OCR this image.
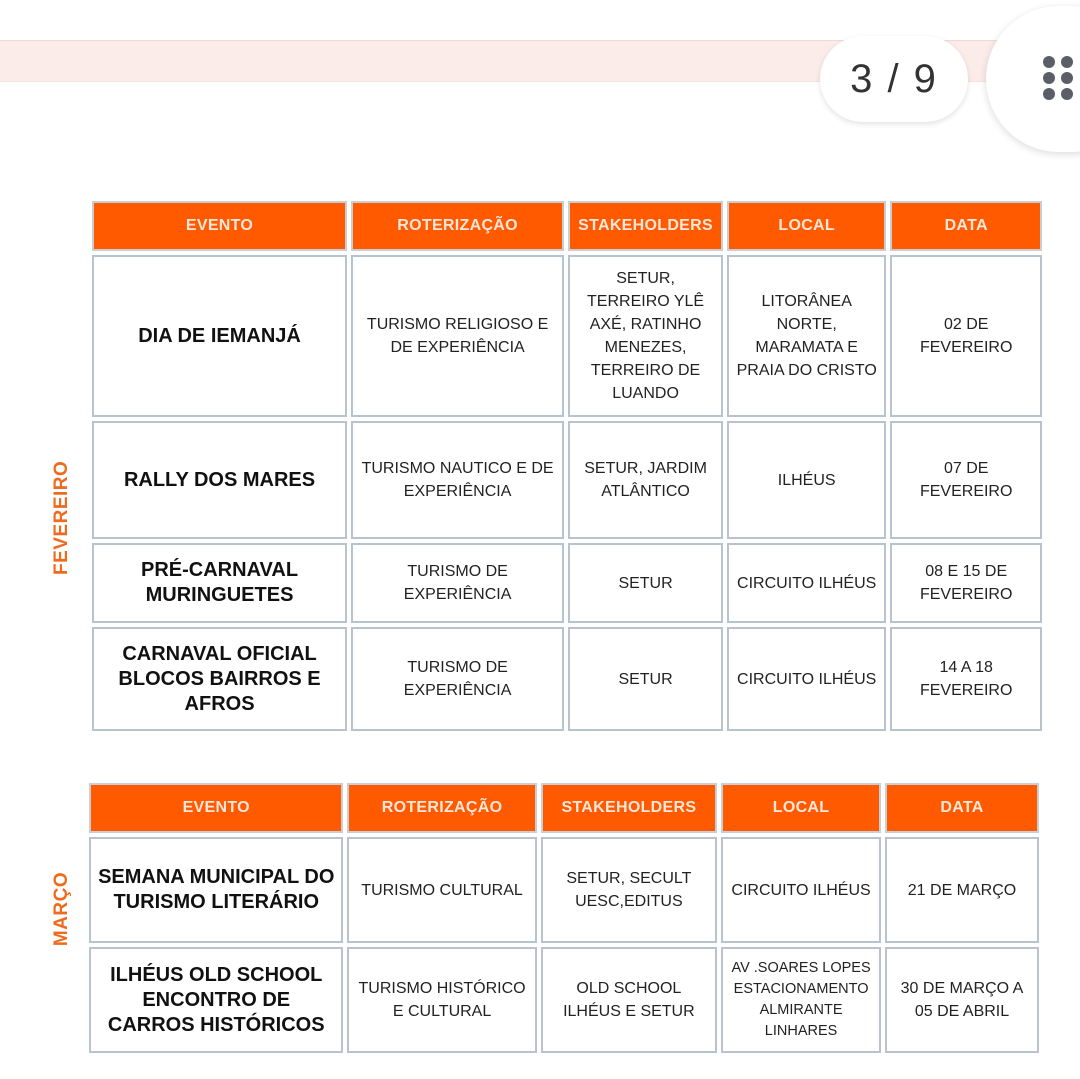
3 / 9
FEVEREIRO
EVENTO	ROTERIZAÇÃO	STAKEHOLDERS	LOCAL	DATA
DIA DE IEMANJÁ	TURISMO RELIGIOSO E DE EXPERIÊNCIA	SETUR, TERREIRO YLÊ AXÉ, RATINHO MENEZES, TERREIRO DE LUANDO	LITORÂNEA NORTE, MARAMATA E PRAIA DO CRISTO	02 DE FEVEREIRO
RALLY DOS MARES	TURISMO NAUTICO E DE EXPERIÊNCIA	SETUR, JARDIM ATLÂNTICO	ILHÉUS	07 DE FEVEREIRO
PRÉ-CARNAVAL MURINGUETES	TURISMO DE EXPERIÊNCIA	SETUR	CIRCUITO ILHÉUS	08 E 15 DE FEVEREIRO
CARNAVAL OFICIAL BLOCOS BAIRROS E AFROS	TURISMO DE EXPERIÊNCIA	SETUR	CIRCUITO ILHÉUS	14 A 18 FEVEREIRO
MARÇO
EVENTO	ROTERIZAÇÃO	STAKEHOLDERS	LOCAL	DATA
SEMANA MUNICIPAL DO TURISMO LITERÁRIO	TURISMO CULTURAL	SETUR, SECULT UESC,EDITUS	CIRCUITO ILHÉUS	21 DE MARÇO
ILHÉUS OLD SCHOOL ENCONTRO DE CARROS HISTÓRICOS	TURISMO HISTÓRICO E CULTURAL	OLD SCHOOL ILHÉUS E SETUR	AV .SOARES LOPES ESTACIONAMENTO ALMIRANTE LINHARES	30 DE MARÇO A 05 DE ABRIL
